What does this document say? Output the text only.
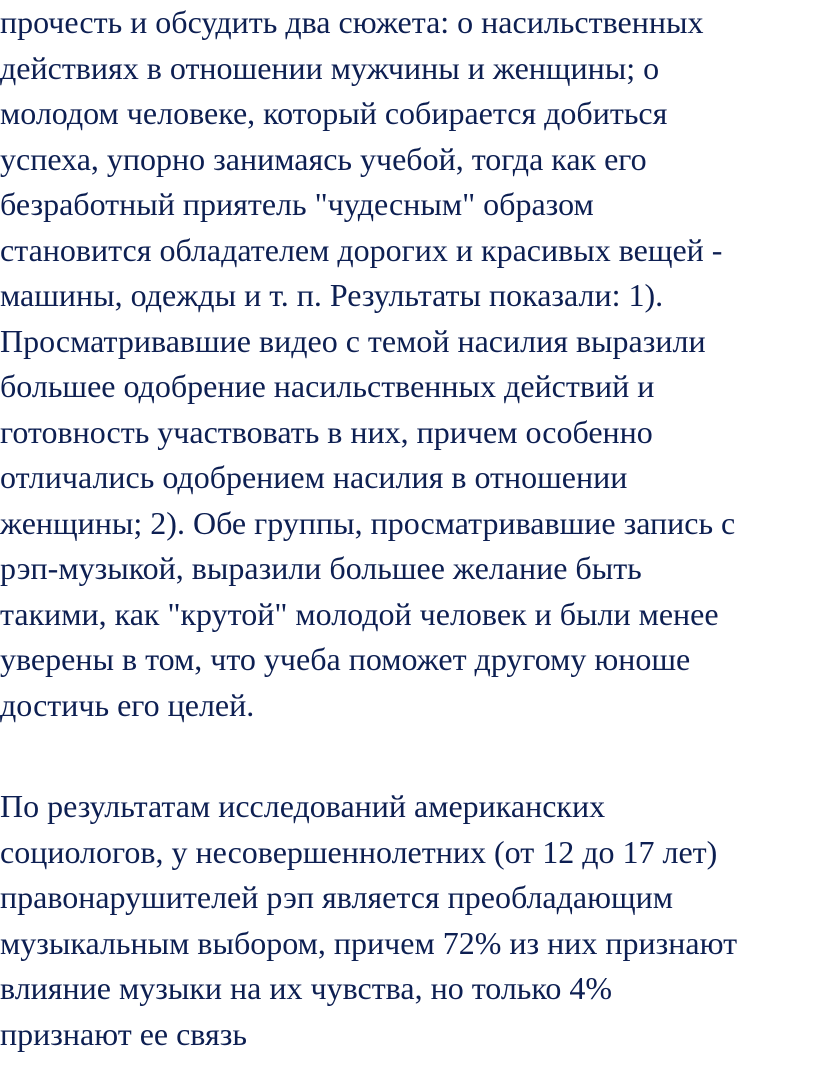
прочесть и обсудить два сюжета: о насильственных
действиях в отношении мужчины и женщины; о
молодом человеке, который собирается добиться
успеха, упорно занимаясь учебой, тогда как его
безработный приятель "чудесным" образом
становится обладателем дорогих и красивых вещей -
машины, одежды и т. п. Результаты показали: 1).
Просматривавшие видео с темой насилия выразили
большее одобрение насильственных действий и
готовность участвовать в них, причем особенно
отличались одобрением насилия в отношении
женщины; 2). Обе группы, просматривавшие запись с
рэп-музыкой, выразили большее желание быть
такими, как "крутой" молодой человек и были менее
уверены в том, что учеба поможет другому юноше
достичь его целей.

По результатам исследований американских
социологов, у несовершеннолетних (от 12 до 17 лет)
правонарушителей рэп является преобладающим
музыкальным выбором, причем 72% из них признают
влияние музыки на их чувства, но только 4%
признают ее связь
